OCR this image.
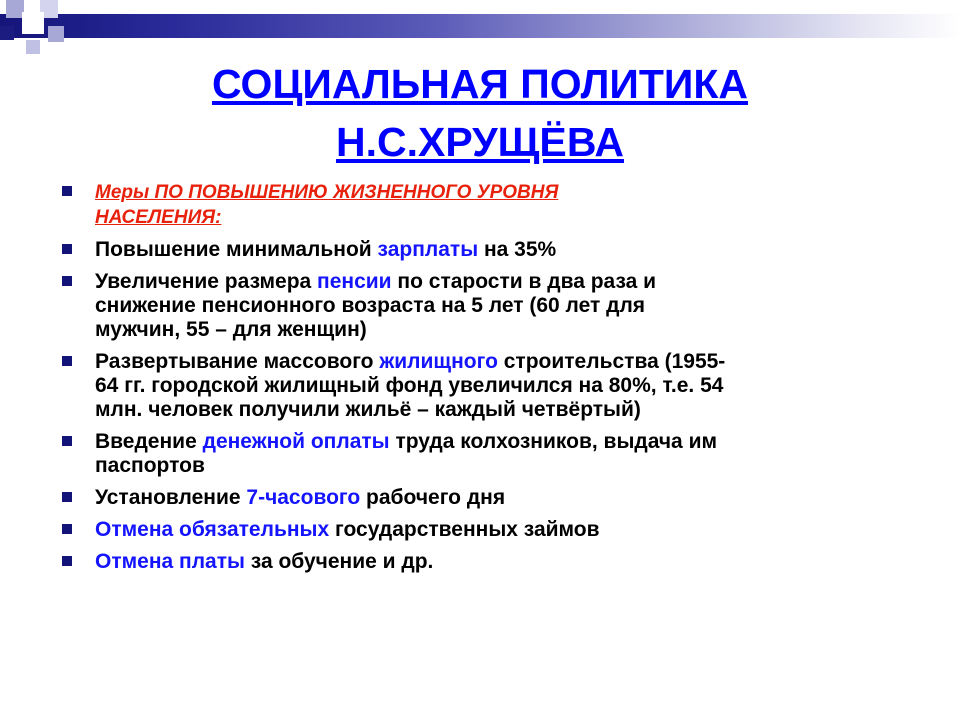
СОЦИАЛЬНАЯ ПОЛИТИКА
Н.С.ХРУЩЁВА
Меры ПО ПОВЫШЕНИЮ ЖИЗНЕННОГО УРОВНЯ
НАСЕЛЕНИЯ:
Повышение минимальной зарплаты на 35%
Увеличение размера пенсии по старости в два раза и
снижение пенсионного возраста на 5 лет (60 лет для
мужчин, 55 – для женщин)
Развертывание массового жилищного строительства (1955-
64 гг. городской жилищный фонд увеличился на 80%, т.е. 54
млн. человек получили жильё – каждый четвёртый)
Введение денежной оплаты труда колхозников, выдача им
паспортов
Установление 7-часового рабочего дня
Отмена обязательных государственных займов
Отмена платы за обучение и др.
